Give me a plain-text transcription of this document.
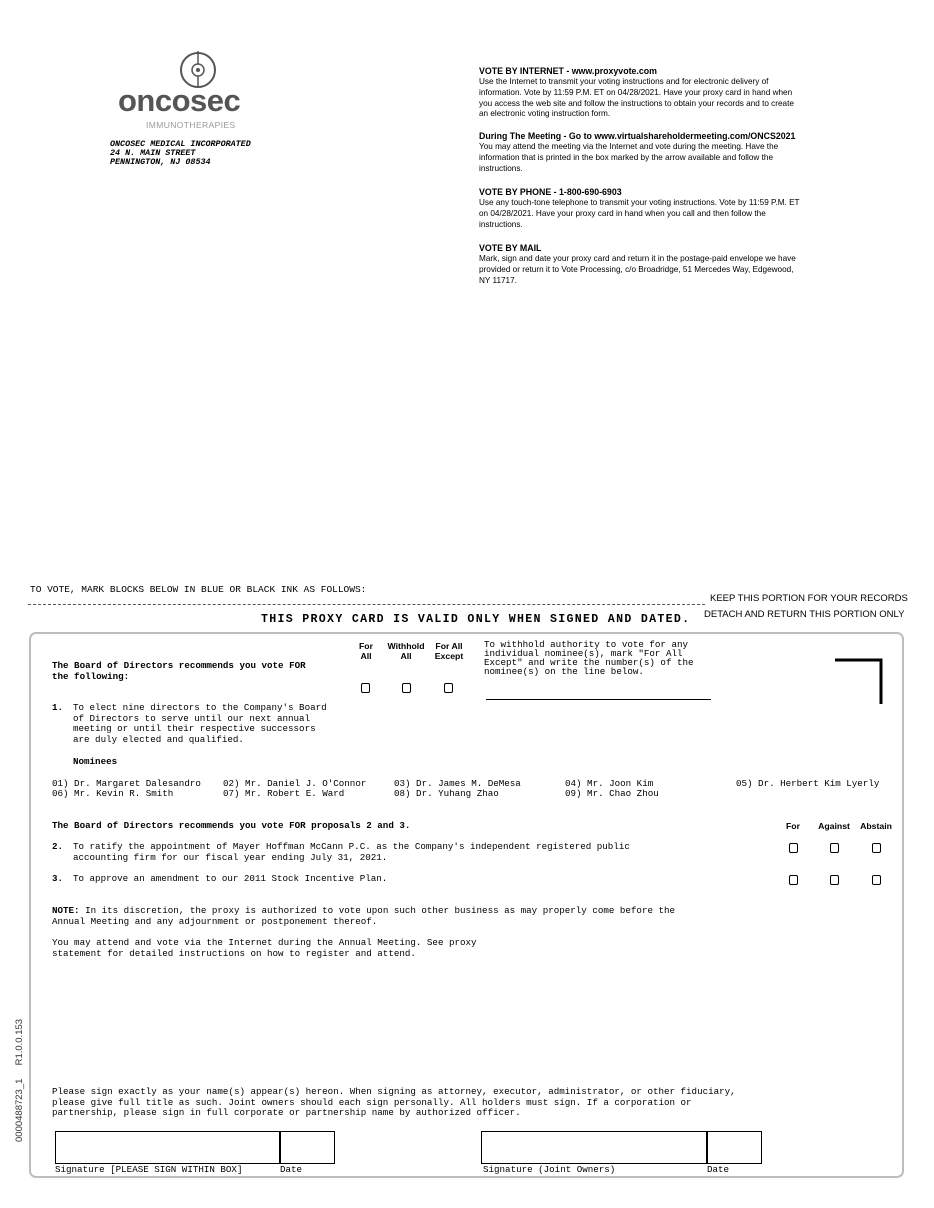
oncosec
IMMUNOTHERAPIES
ONCOSEC MEDICAL INCORPORATED
24 N. MAIN STREET
PENNINGTON, NJ 08534
VOTE BY INTERNET - www.proxyvote.com
Use the Internet to transmit your voting instructions and for electronic delivery of
information. Vote by 11:59 P.M. ET on 04/28/2021. Have your proxy card in hand when
you access the web site and follow the instructions to obtain your records and to create
an electronic voting instruction form.
During The Meeting - Go to www.virtualshareholdermeeting.com/ONCS2021
You may attend the meeting via the Internet and vote during the meeting. Have the
information that is printed in the box marked by the arrow available and follow the
instructions.
VOTE BY PHONE - 1-800-690-6903
Use any touch-tone telephone to transmit your voting instructions. Vote by 11:59 P.M. ET
on 04/28/2021. Have your proxy card in hand when you call and then follow the
instructions.
VOTE BY MAIL
Mark, sign and date your proxy card and return it in the postage-paid envelope we have
provided or return it to Vote Processing, c/o Broadridge, 51 Mercedes Way, Edgewood,
NY 11717.
TO VOTE, MARK BLOCKS BELOW IN BLUE OR BLACK INK AS FOLLOWS:
KEEP THIS PORTION FOR YOUR RECORDS
DETACH AND RETURN THIS PORTION ONLY
THIS PROXY CARD IS VALID ONLY WHEN SIGNED AND DATED.
The Board of Directors recommends you vote FOR
the following:
For
All
Withhold
All
For All
Except
To withhold authority to vote for any
individual nominee(s), mark "For All
Except" and write the number(s) of the
nominee(s) on the line below.
1. To elect nine directors to the Company's Board
of Directors to serve until our next annual
meeting or until their respective successors
are duly elected and qualified.
Nominees
01) Dr. Margaret Dalesandro 02) Mr. Daniel J. O'Connor	03) Dr. James M. DeMesa	04) Mr. Joon Kim	05) Dr. Herbert Kim Lyerly
06) Mr. Kevin R. Smith	07) Mr. Robert E. Ward	08) Dr. Yuhang Zhao	09) Mr. Chao Zhou
The Board of Directors recommends you vote FOR proposals 2 and 3.	For	Against	Abstain
2. To ratify the appointment of Mayer Hoffman McCann P.C. as the Company's independent registered public
accounting firm for our fiscal year ending July 31, 2021.
3. To approve an amendment to our 2011 Stock Incentive Plan.
NOTE: In its discretion, the proxy is authorized to vote upon such other business as may properly come before the
Annual Meeting and any adjournment or postponement thereof.
You may attend and vote via the Internet during the Annual Meeting. See proxy
statement for detailed instructions on how to register and attend.
Please sign exactly as your name(s) appear(s) hereon. When signing as attorney, executor, administrator, or other fiduciary,
please give full title as such. Joint owners should each sign personally. All holders must sign. If a corporation or
partnership, please sign in full corporate or partnership name by authorized officer.
Signature [PLEASE SIGN WITHIN BOX]	Date	Signature (Joint Owners)	Date
0000488723_1     R1.0.0.153
